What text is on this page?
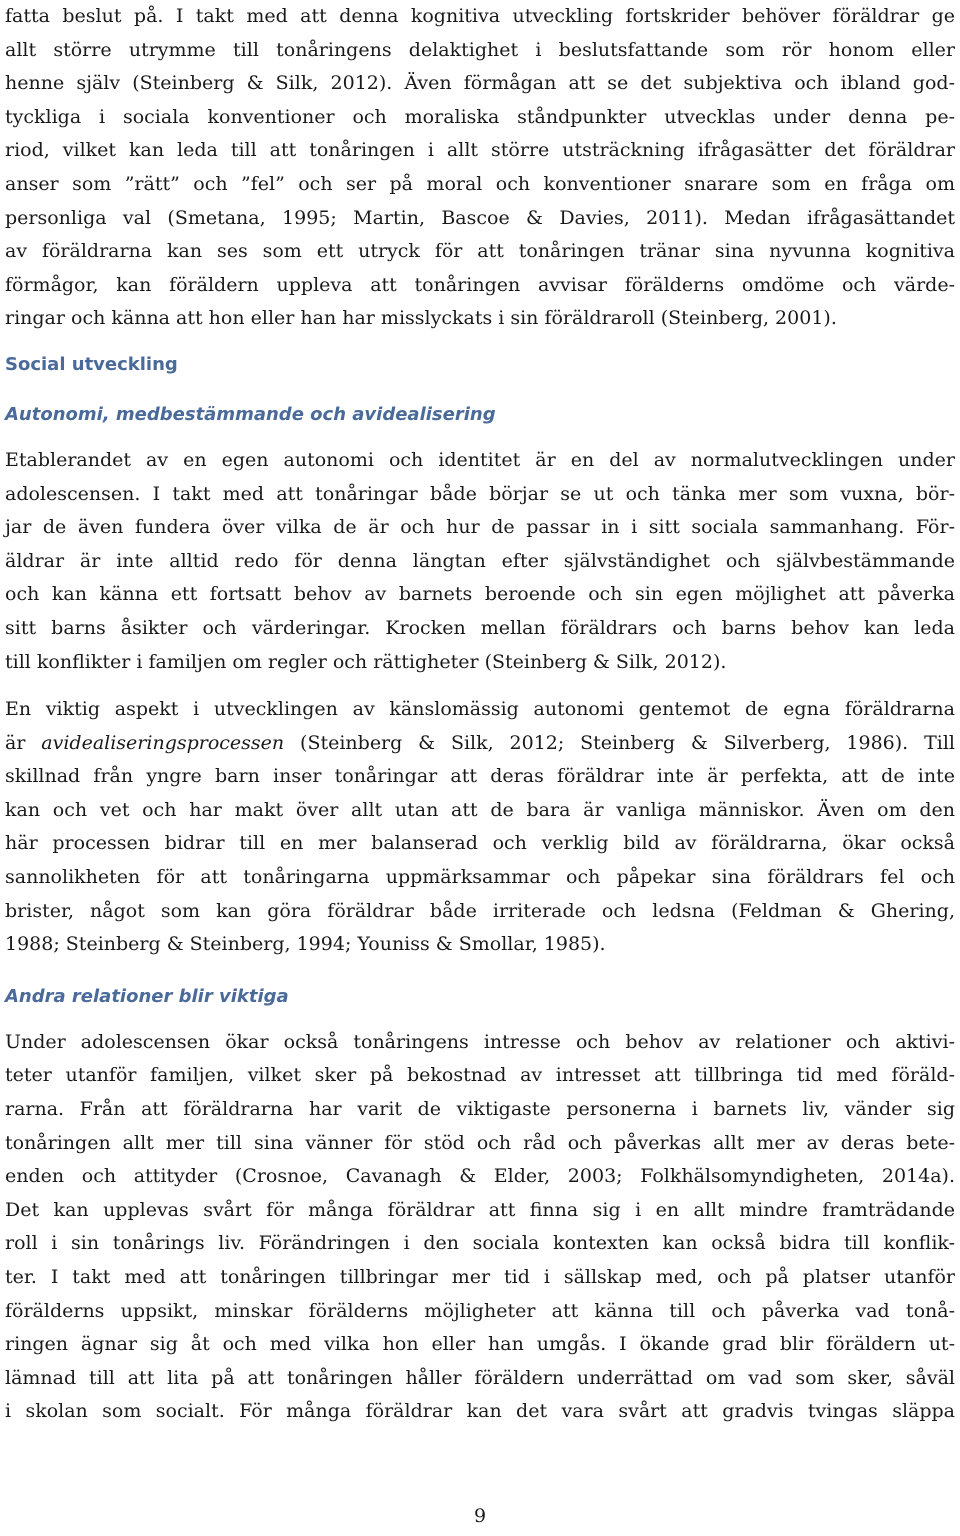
fatta beslut på. I takt med att denna kognitiva utveckling fortskrider behöver föräldrar ge
allt större utrymme till tonåringens delaktighet i beslutsfattande som rör honom eller
henne själv (Steinberg & Silk, 2012). Även förmågan att se det subjektiva och ibland god-
tyckliga i sociala konventioner och moraliska ståndpunkter utvecklas under denna pe-
riod, vilket kan leda till att tonåringen i allt större utsträckning ifrågasätter det föräldrar
anser som ”rätt” och ”fel” och ser på moral och konventioner snarare som en fråga om
personliga val (Smetana, 1995; Martin, Bascoe & Davies, 2011). Medan ifrågasättandet
av föräldrarna kan ses som ett utryck för att tonåringen tränar sina nyvunna kognitiva
förmågor, kan föräldern uppleva att tonåringen avvisar förälderns omdöme och värde-
ringar och känna att hon eller han har misslyckats i sin föräldraroll (Steinberg, 2001).
Social utveckling
Autonomi, medbestämmande och avidealisering
Etablerandet av en egen autonomi och identitet är en del av normalutvecklingen under
adolescensen. I takt med att tonåringar både börjar se ut och tänka mer som vuxna, bör-
jar de även fundera över vilka de är och hur de passar in i sitt sociala sammanhang. För-
äldrar är inte alltid redo för denna längtan efter självständighet och självbestämmande
och kan känna ett fortsatt behov av barnets beroende och sin egen möjlighet att påverka
sitt barns åsikter och värderingar. Krocken mellan föräldrars och barns behov kan leda
till konflikter i familjen om regler och rättigheter (Steinberg & Silk, 2012).
En viktig aspekt i utvecklingen av känslomässig autonomi gentemot de egna föräldrarna
är avidealiseringsprocessen (Steinberg & Silk, 2012; Steinberg & Silverberg, 1986). Till
skillnad från yngre barn inser tonåringar att deras föräldrar inte är perfekta, att de inte
kan och vet och har makt över allt utan att de bara är vanliga människor. Även om den
här processen bidrar till en mer balanserad och verklig bild av föräldrarna, ökar också
sannolikheten för att tonåringarna uppmärksammar och påpekar sina föräldrars fel och
brister, något som kan göra föräldrar både irriterade och ledsna (Feldman & Ghering,
1988; Steinberg & Steinberg, 1994; Youniss & Smollar, 1985).
Andra relationer blir viktiga
Under adolescensen ökar också tonåringens intresse och behov av relationer och aktivi-
teter utanför familjen, vilket sker på bekostnad av intresset att tillbringa tid med föräld-
rarna. Från att föräldrarna har varit de viktigaste personerna i barnets liv, vänder sig
tonåringen allt mer till sina vänner för stöd och råd och påverkas allt mer av deras bete-
enden och attityder (Crosnoe, Cavanagh & Elder, 2003; Folkhälsomyndigheten, 2014a).
Det kan upplevas svårt för många föräldrar att finna sig i en allt mindre framträdande
roll i sin tonårings liv. Förändringen i den sociala kontexten kan också bidra till konflik-
ter. I takt med att tonåringen tillbringar mer tid i sällskap med, och på platser utanför
förälderns uppsikt, minskar förälderns möjligheter att känna till och påverka vad tonå-
ringen ägnar sig åt och med vilka hon eller han umgås. I ökande grad blir föräldern ut-
lämnad till att lita på att tonåringen håller föräldern underrättad om vad som sker, såväl
i skolan som socialt. För många föräldrar kan det vara svårt att gradvis tvingas släppa
9
